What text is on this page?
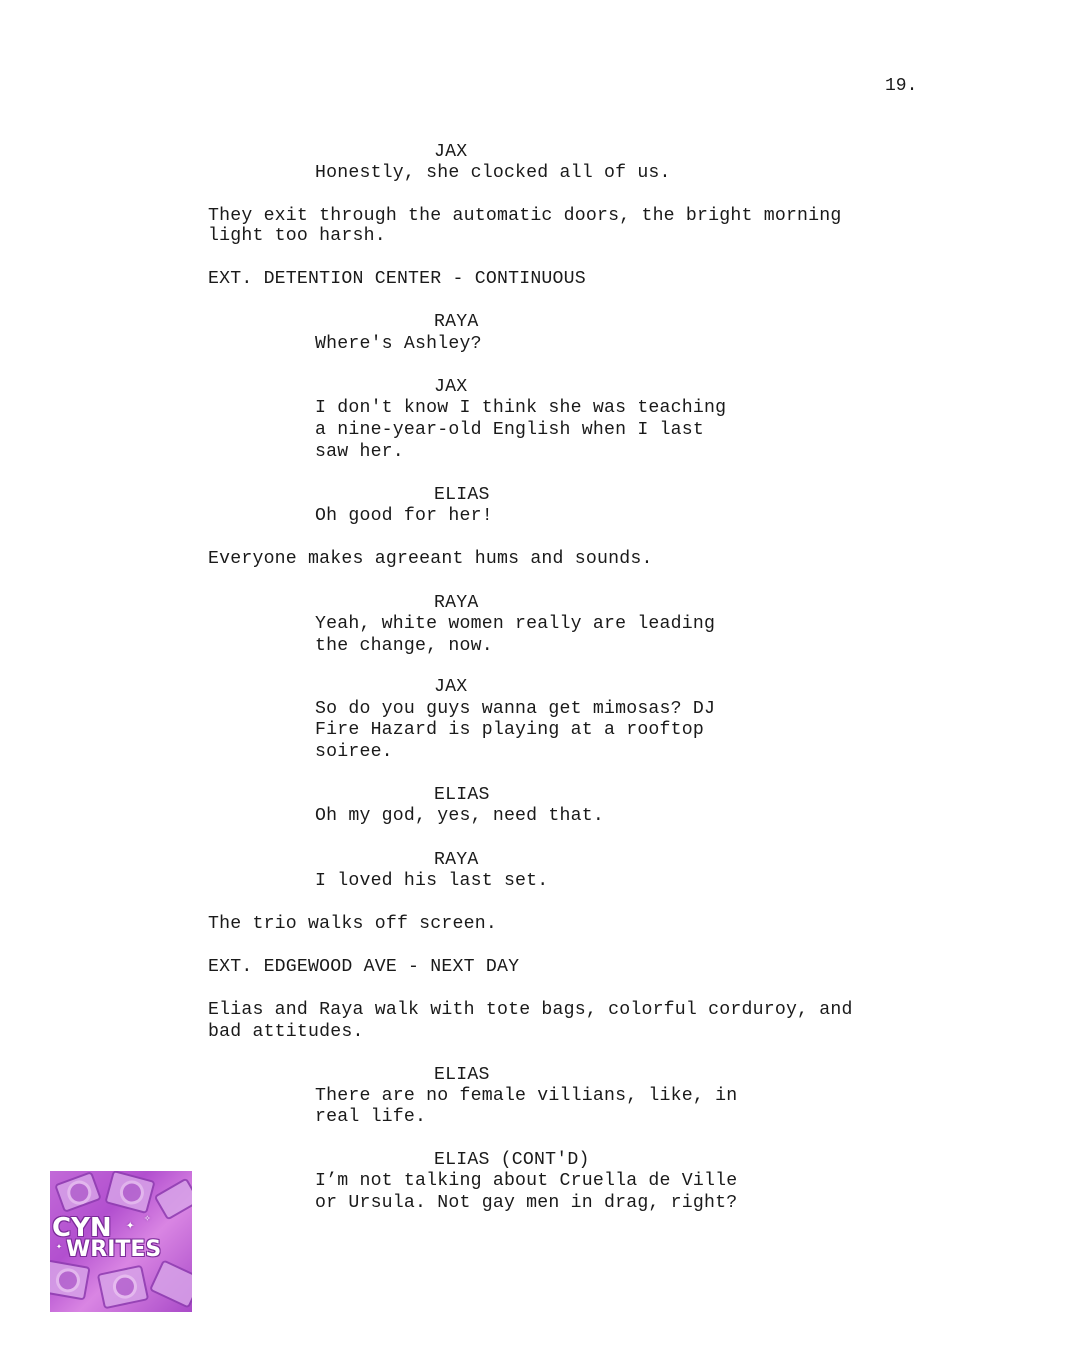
19.
JAX
Honestly, she clocked all of us.
They exit through the automatic doors, the bright morning
light too harsh.
EXT. DETENTION CENTER - CONTINUOUS
RAYA
Where's Ashley?
JAX
I don't know I think she was teaching
a nine-year-old English when I last
saw her.
ELIAS
Oh good for her!
Everyone makes agreeant hums and sounds.
RAYA
Yeah, white women really are leading
the change, now.
JAX
So do you guys wanna get mimosas? DJ
Fire Hazard is playing at a rooftop
soiree.
ELIAS
Oh my god, yes, need that.
RAYA
I loved his last set.
The trio walks off screen.
EXT. EDGEWOOD AVE - NEXT DAY
Elias and Raya walk with tote bags, colorful corduroy, and
bad attitudes.
ELIAS
There are no female villians, like, in
real life.
ELIAS (CONT'D)
I’m not talking about Cruella de Ville
or Ursula. Not gay men in drag, right?
CYN ✦ ✧
✦ WRITES
